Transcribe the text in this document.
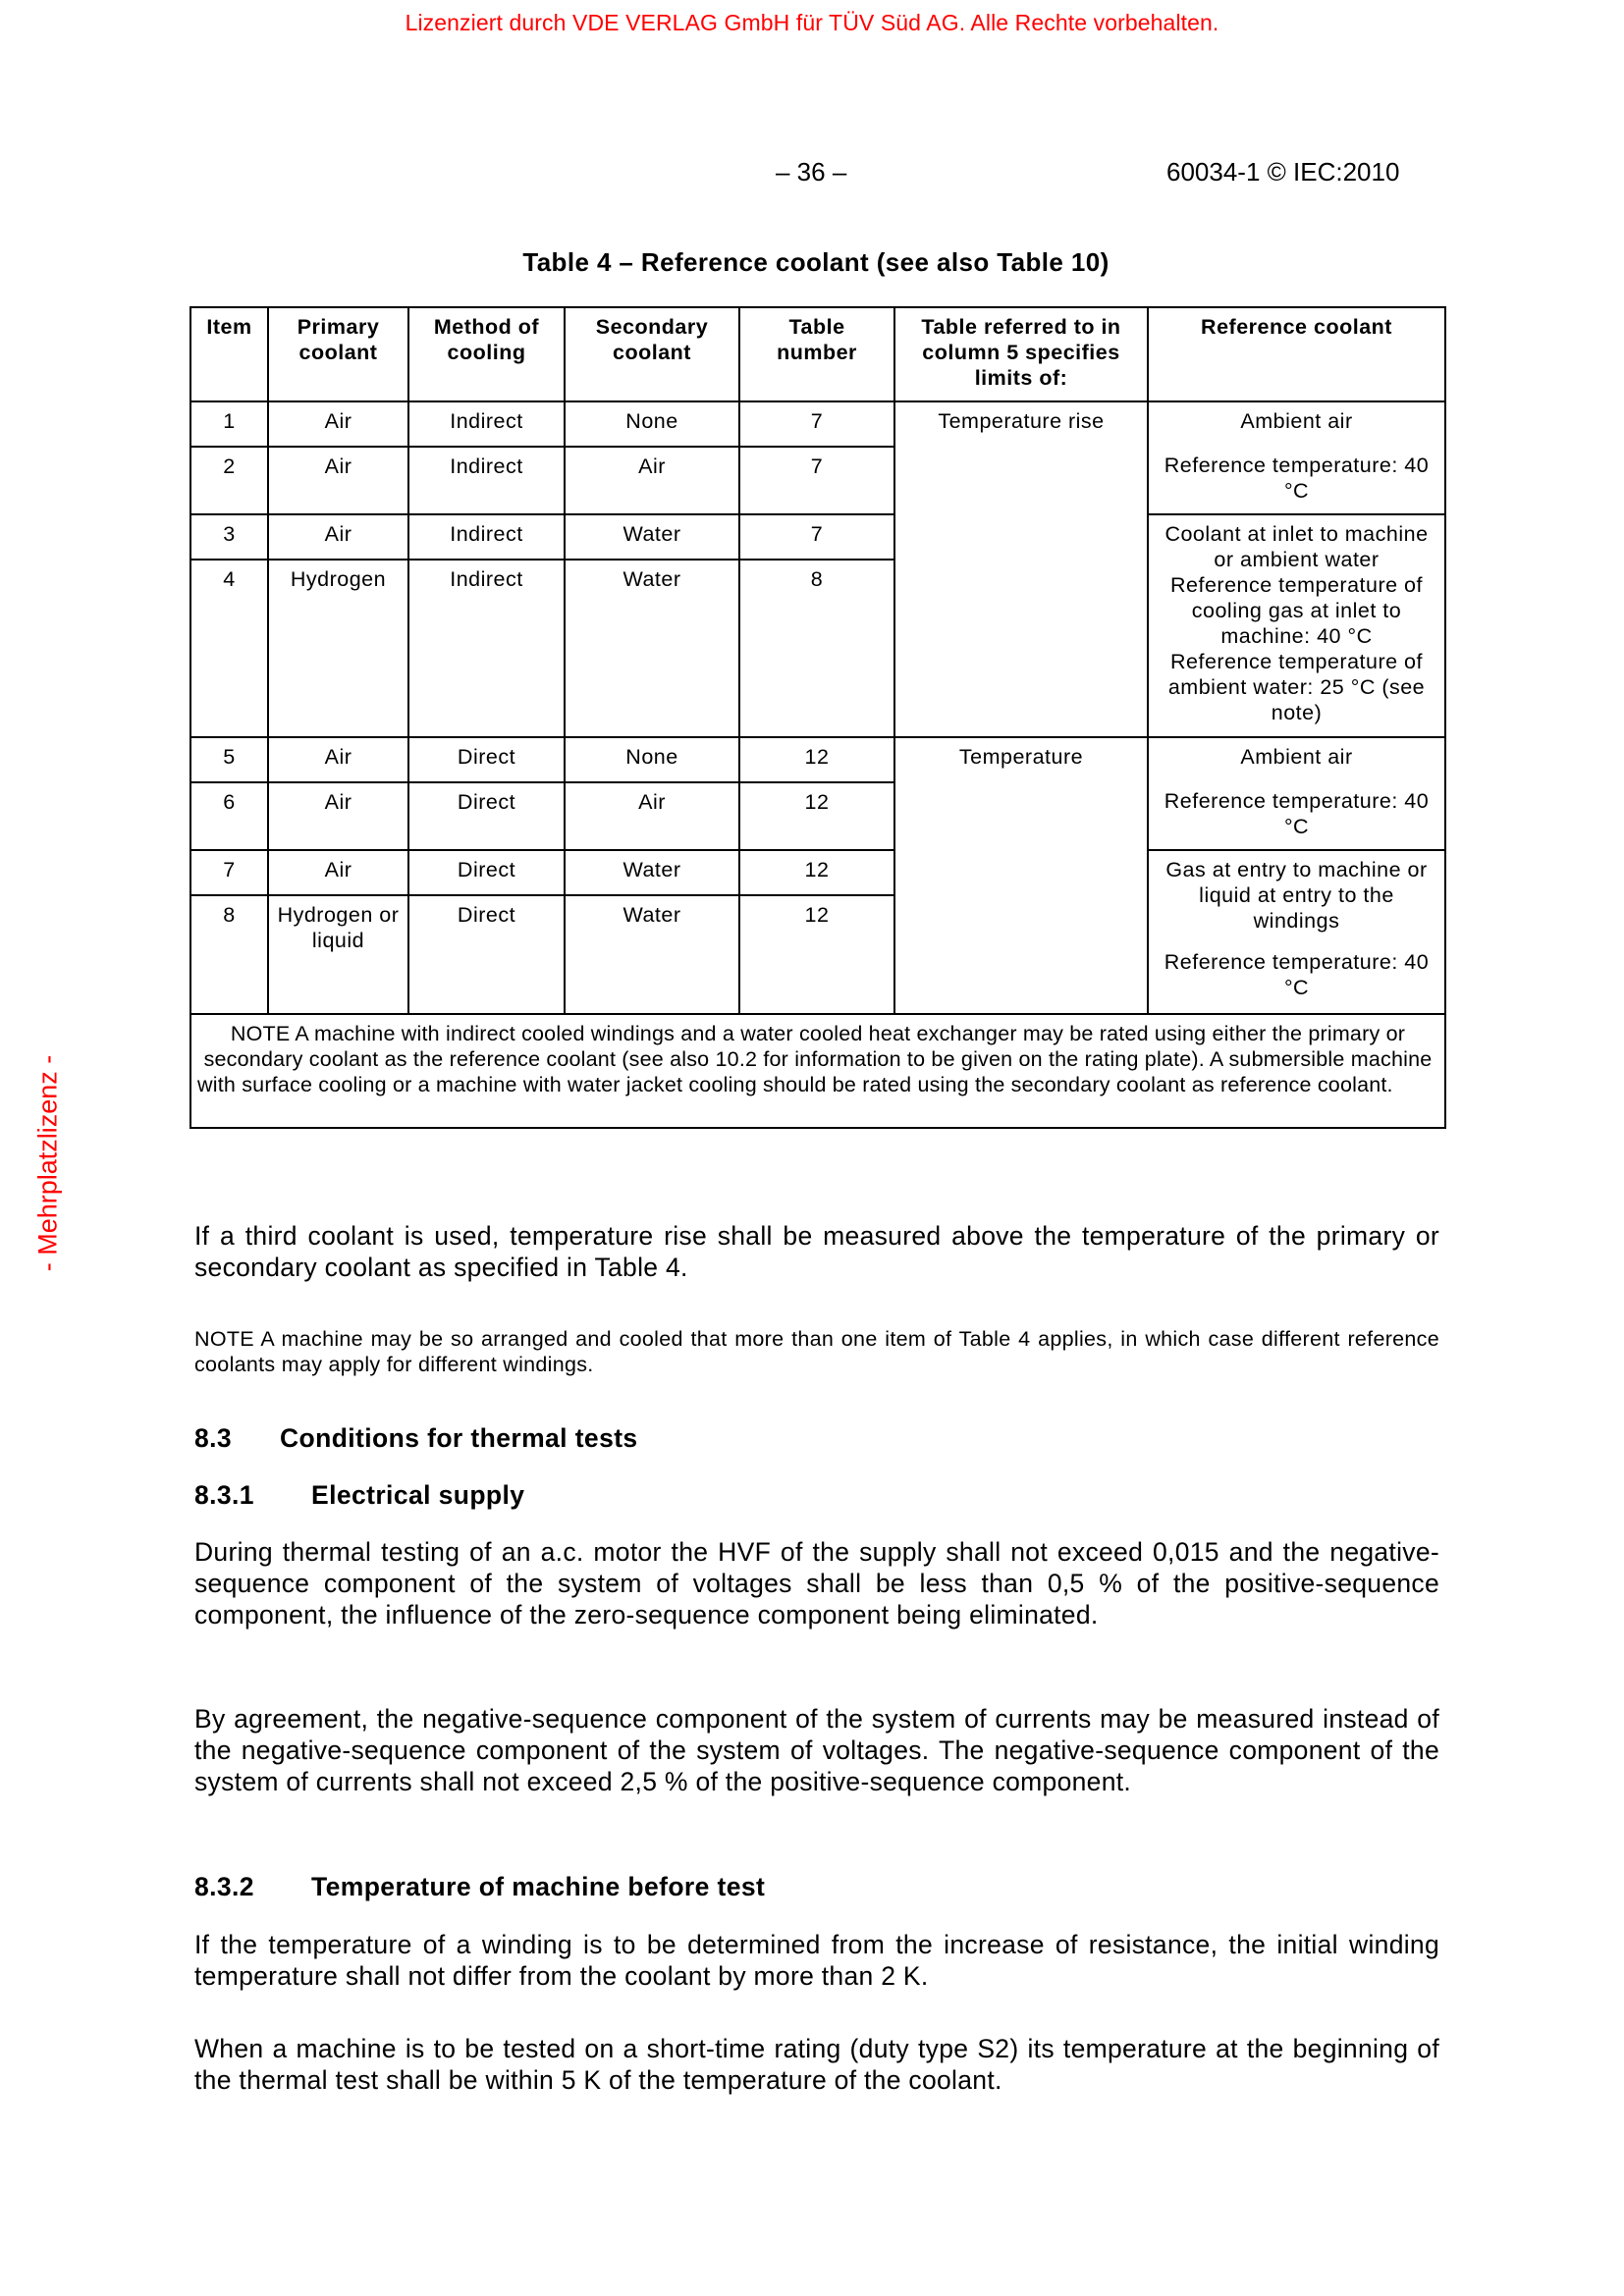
Lizenziert durch VDE VERLAG GmbH für TÜV Süd AG. Alle Rechte vorbehalten.
- Mehrplatzlizenz -
– 36 –	60034-1 © IEC:2010
Table 4 – Reference coolant (see also Table 10)
Item	Primary coolant	Method of cooling	Secondary coolant	Table number	Table referred to in column 5 specifies limits of:	Reference coolant
1	Air	Indirect	None	7	Temperature rise	Ambient air
2	Air	Indirect	Air	7		Reference temperature: 40 °C
3	Air	Indirect	Water	7		Coolant at inlet to machine or ambient water
Reference temperature of cooling gas at inlet to machine: 40 °C
Reference temperature of ambient water: 25 °C (see note)

4	Hydrogen	Indirect	Water	8		
5	Air	Direct	None	12	Temperature	Ambient air
6	Air	Direct	Air	12		Reference temperature: 40 °C
7	Air	Direct	Water	12		Gas at entry to machine or liquid at entry to the windings
Reference temperature: 40 °C

8	Hydrogen or liquid	Direct	Water	12		
NOTE A machine with indirect cooled windings and a water cooled heat exchanger may be rated using either the primary or secondary coolant as the reference coolant (see also 10.2 for information to be given on the rating plate). A submersible machine with surface cooling or a machine with water jacket cooling should be rated using the secondary coolant as reference coolant.						
If a third coolant is used, temperature rise shall be measured above the temperature of the primary or secondary coolant as specified in Table 4.
NOTE A machine may be so arranged and cooled that more than one item of Table 4 applies, in which case different reference coolants may apply for different windings.
8.3 Conditions for thermal tests
8.3.1 Electrical supply
During thermal testing of an a.c. motor the HVF of the supply shall not exceed 0,015 and the negative-sequence component of the system of voltages shall be less than 0,5 % of the positive-sequence component, the influence of the zero-sequence component being eliminated.
By agreement, the negative-sequence component of the system of currents may be measured instead of the negative-sequence component of the system of voltages. The negative-sequence component of the system of currents shall not exceed 2,5 % of the positive-sequence component.
8.3.2 Temperature of machine before test
If the temperature of a winding is to be determined from the increase of resistance, the initial winding temperature shall not differ from the coolant by more than 2 K.
When a machine is to be tested on a short-time rating (duty type S2) its temperature at the beginning of the thermal test shall be within 5 K of the temperature of the coolant.
